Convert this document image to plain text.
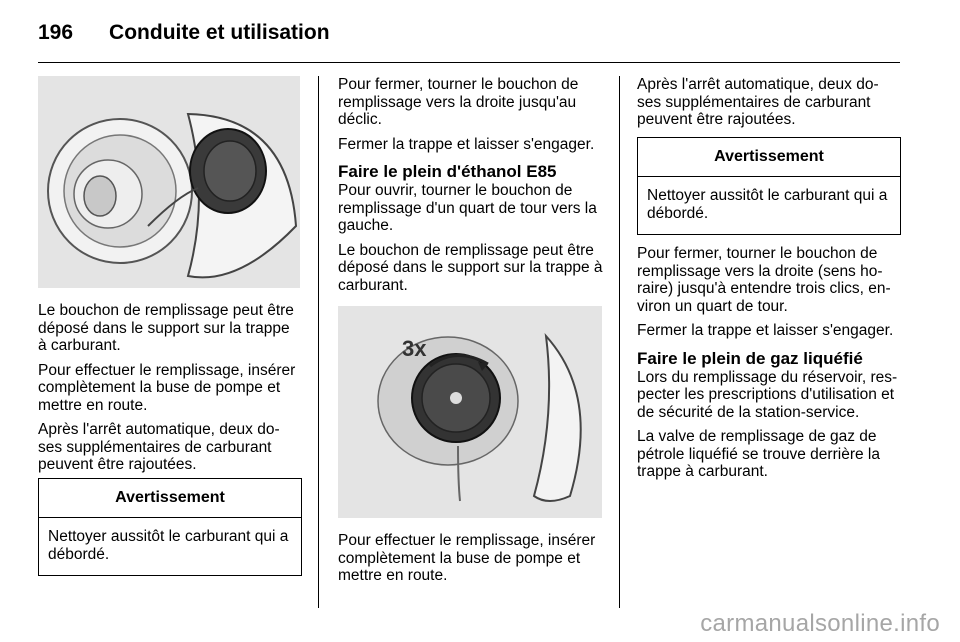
196 Conduite et utilisation

Le bouchon de remplissage peut être déposé dans le support sur la trappe à carburant.

Pour effectuer le remplissage, insérer complètement la buse de pompe et mettre en route.

Après l'arrêt automatique, deux do-ses supplémentaires de carburant peuvent être rajoutées.

Avertissement
Nettoyer aussitôt le carburant qui a débordé.

Pour fermer, tourner le bouchon de remplissage vers la droite jusqu'au déclic.

Fermer la trappe et laisser s'engager.

Faire le plein d'éthanol E85

Pour ouvrir, tourner le bouchon de remplissage d'un quart de tour vers la gauche.

Le bouchon de remplissage peut être déposé dans le support sur la trappe à carburant.

3x

Pour effectuer le remplissage, insérer complètement la buse de pompe et mettre en route.

Après l'arrêt automatique, deux do-ses supplémentaires de carburant peuvent être rajoutées.

Avertissement
Nettoyer aussitôt le carburant qui a débordé.

Pour fermer, tourner le bouchon de remplissage vers la droite (sens ho-raire) jusqu'à entendre trois clics, en-viron un quart de tour.

Fermer la trappe et laisser s'engager.

Faire le plein de gaz liquéfié

Lors du remplissage du réservoir, res-pecter les prescriptions d'utilisation et de sécurité de la station-service.

La valve de remplissage de gaz de pétrole liquéfié se trouve derrière la trappe à carburant.

carmanualsonline.info
